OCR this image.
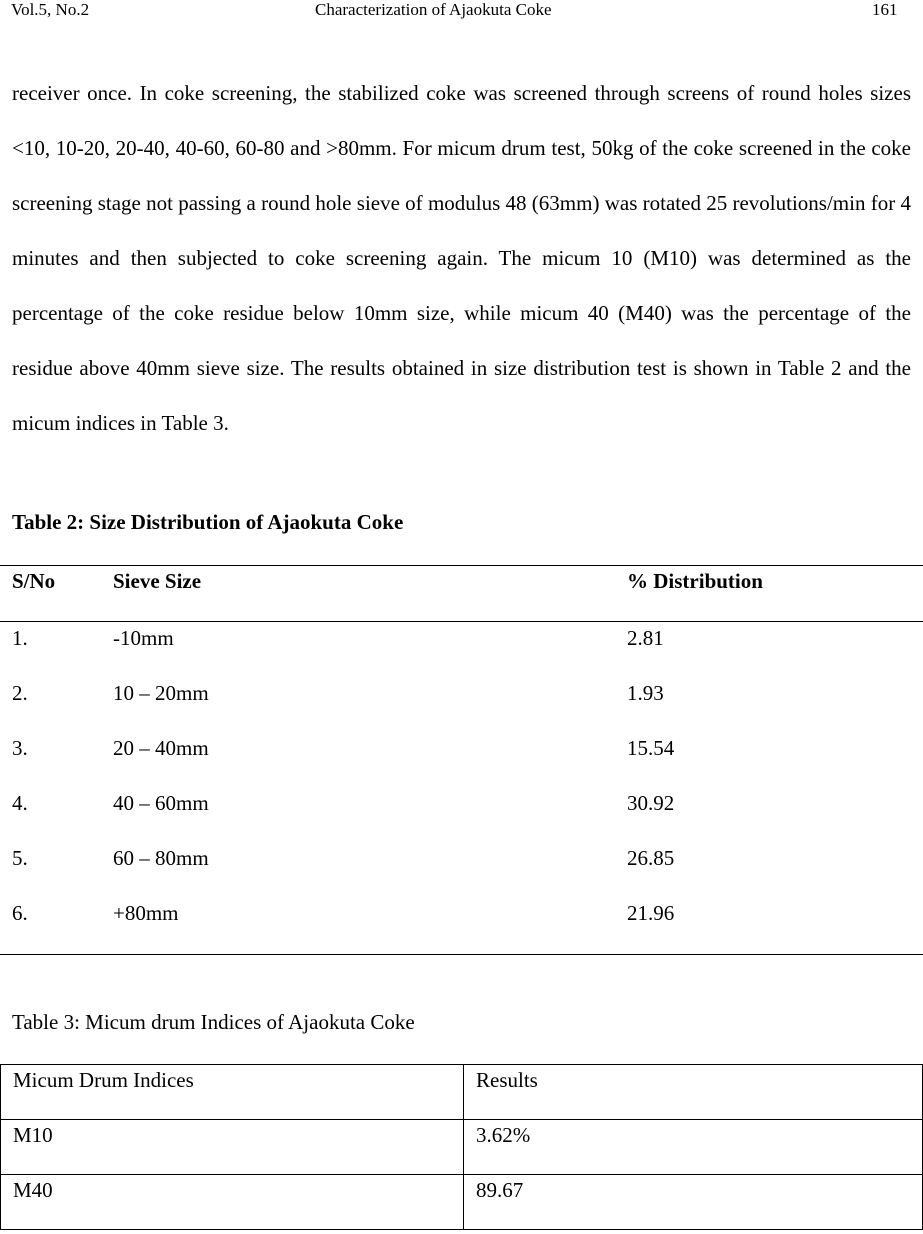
Vol.5, No.2	Characterization of Ajaokuta Coke	161

receiver once. In coke screening, the stabilized coke was screened through screens of round holes sizes <10, 10-20, 20-40, 40-60, 60-80 and >80mm. For micum drum test, 50kg of the coke screened in the coke screening stage not passing a round hole sieve of modulus 48 (63mm) was rotated 25 revolutions/min for 4 minutes and then subjected to coke screening again. The micum 10 (M10) was determined as the percentage of the coke residue below 10mm size, while micum 40 (M40) was the percentage of the residue above 40mm sieve size. The results obtained in size distribution test is shown in Table 2 and the micum indices in Table 3.

Table 2: Size Distribution of Ajaokuta Coke

S/No	Sieve Size	% Distribution
1.	-10mm	2.81
2.	10 – 20mm	1.93
3.	20 – 40mm	15.54
4.	40 – 60mm	30.92
5.	60 – 80mm	26.85
6.	+80mm	21.96

Table 3: Micum drum Indices of Ajaokuta Coke

Micum Drum Indices	Results
M10	3.62%
M40	89.67
